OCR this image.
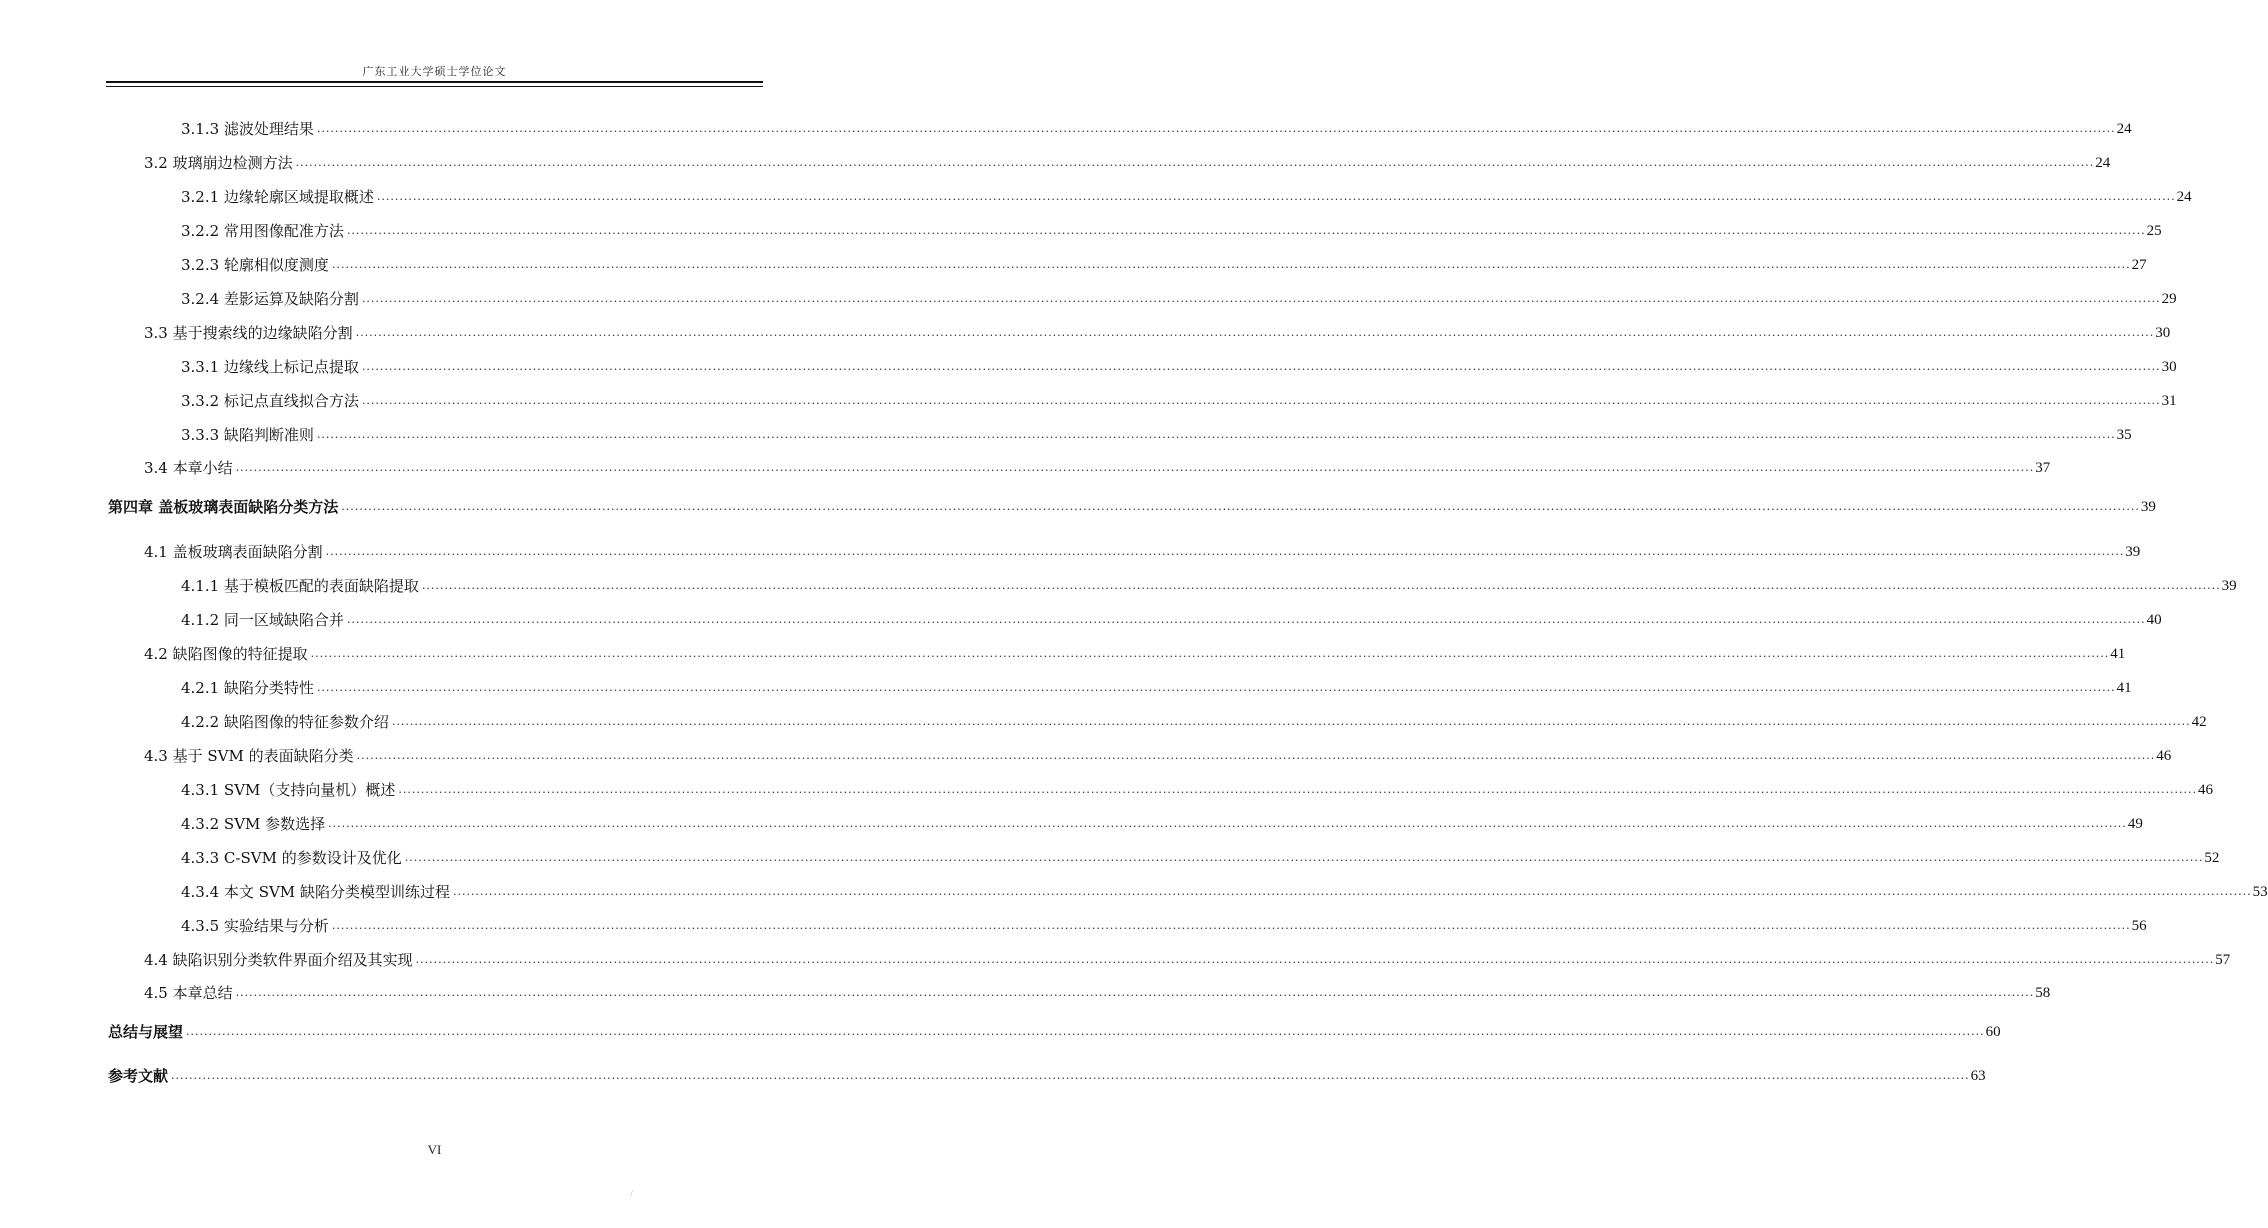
广东工业大学硕士学位论文
3.1.3 滤波处理结果 ................................................................................................................................................................................................................................................................................................................................................................................................................ 24
3.2 玻璃崩边检测方法 ................................................................................................................................................................................................................................................................................................................................................................................................................ 24
3.2.1 边缘轮廓区域提取概述 ................................................................................................................................................................................................................................................................................................................................................................................................................ 24
3.2.2 常用图像配准方法 ................................................................................................................................................................................................................................................................................................................................................................................................................ 25
3.2.3 轮廓相似度测度 ................................................................................................................................................................................................................................................................................................................................................................................................................ 27
3.2.4 差影运算及缺陷分割 ................................................................................................................................................................................................................................................................................................................................................................................................................ 29
3.3 基于搜索线的边缘缺陷分割 ................................................................................................................................................................................................................................................................................................................................................................................................................ 30
3.3.1 边缘线上标记点提取 ................................................................................................................................................................................................................................................................................................................................................................................................................ 30
3.3.2 标记点直线拟合方法 ................................................................................................................................................................................................................................................................................................................................................................................................................ 31
3.3.3 缺陷判断准则 ................................................................................................................................................................................................................................................................................................................................................................................................................ 35
3.4 本章小结 ................................................................................................................................................................................................................................................................................................................................................................................................................ 37
第四章 盖板玻璃表面缺陷分类方法 ................................................................................................................................................................................................................................................................................................................................................................................................................ 39
4.1 盖板玻璃表面缺陷分割 ................................................................................................................................................................................................................................................................................................................................................................................................................ 39
4.1.1 基于模板匹配的表面缺陷提取 ................................................................................................................................................................................................................................................................................................................................................................................................................ 39
4.1.2 同一区域缺陷合并 ................................................................................................................................................................................................................................................................................................................................................................................................................ 40
4.2 缺陷图像的特征提取 ................................................................................................................................................................................................................................................................................................................................................................................................................ 41
4.2.1 缺陷分类特性 ................................................................................................................................................................................................................................................................................................................................................................................................................ 41
4.2.2 缺陷图像的特征参数介绍 ................................................................................................................................................................................................................................................................................................................................................................................................................ 42
4.3 基于 SVM 的表面缺陷分类 ................................................................................................................................................................................................................................................................................................................................................................................................................ 46
4.3.1 SVM（支持向量机）概述 ................................................................................................................................................................................................................................................................................................................................................................................................................ 46
4.3.2 SVM 参数选择 ................................................................................................................................................................................................................................................................................................................................................................................................................ 49
4.3.3 C-SVM 的参数设计及优化 ................................................................................................................................................................................................................................................................................................................................................................................................................ 52
4.3.4 本文 SVM 缺陷分类模型训练过程 ................................................................................................................................................................................................................................................................................................................................................................................................................ 53
4.3.5 实验结果与分析 ................................................................................................................................................................................................................................................................................................................................................................................................................ 56
4.4 缺陷识别分类软件界面介绍及其实现 ................................................................................................................................................................................................................................................................................................................................................................................................................ 57
4.5 本章总结 ................................................................................................................................................................................................................................................................................................................................................................................................................ 58
总结与展望 ................................................................................................................................................................................................................................................................................................................................................................................................................ 60
参考文献 ................................................................................................................................................................................................................................................................................................................................................................................................................ 63
VI
/
